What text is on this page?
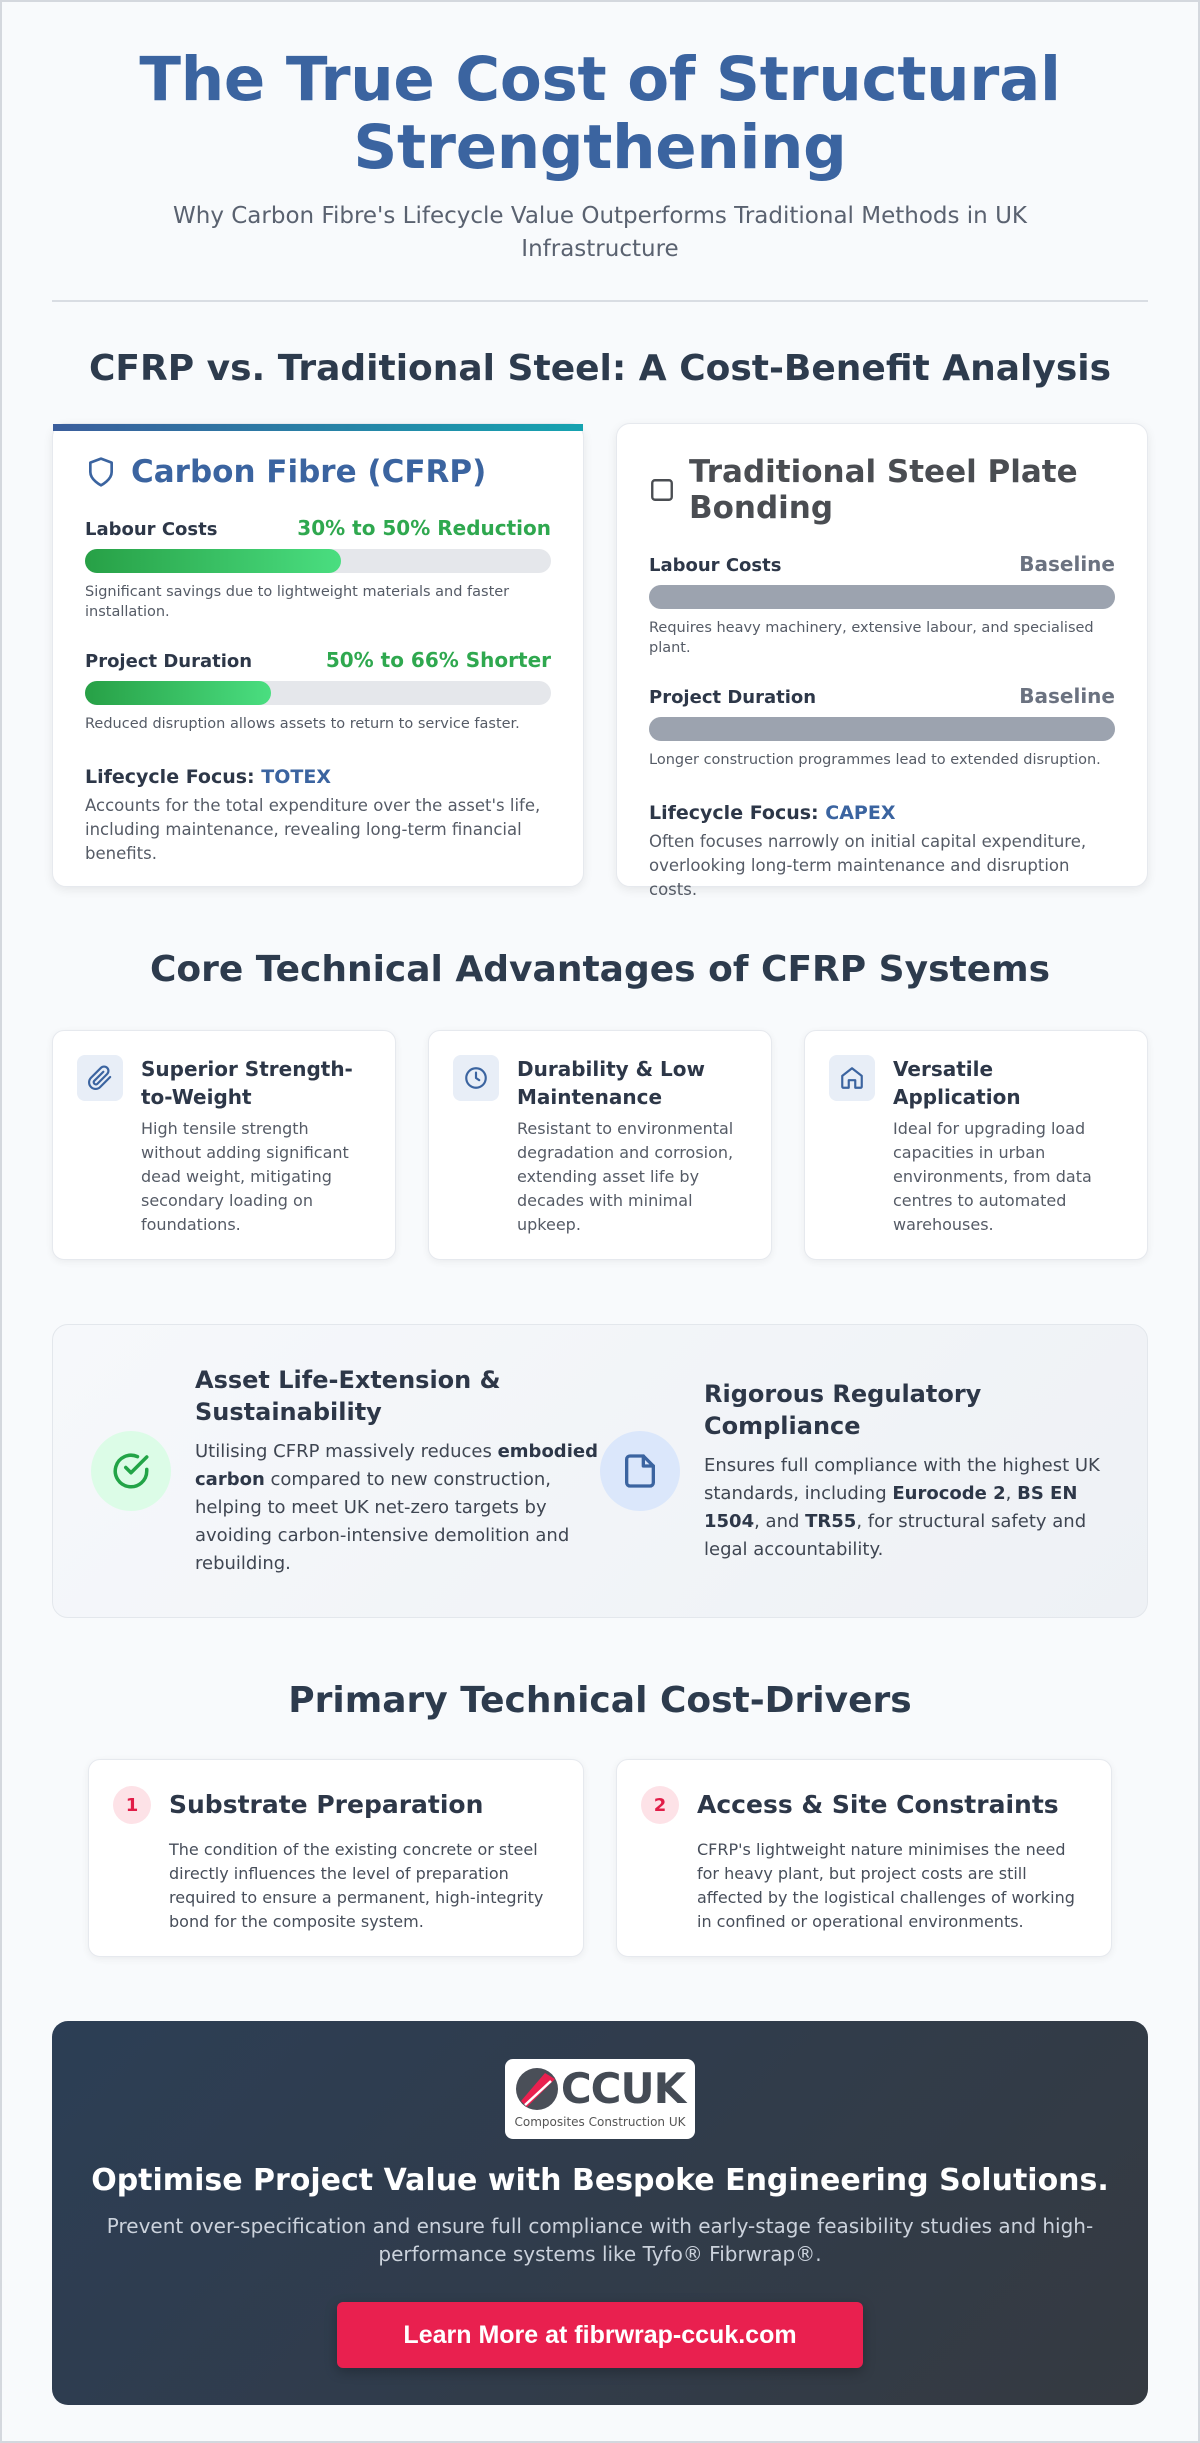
The True Cost of Structural Strengthening

Why Carbon Fibre's Lifecycle Value Outperforms Traditional Methods in UK Infrastructure

CFRP vs. Traditional Steel: A Cost-Benefit Analysis
Carbon Fibre (CFRP)
Labour Costs	30% to 50% Reduction

Significant savings due to lightweight materials and faster installation.

Project Duration	50% to 66% Shorter

Reduced disruption allows assets to return to service faster.

Lifecycle Focus: TOTEX

Accounts for the total expenditure over the asset's life, including maintenance, revealing long-term financial benefits.

Traditional Steel Plate Bonding
Labour Costs	Baseline

Requires heavy machinery, extensive labour, and specialised plant.

Project Duration	Baseline

Longer construction programmes lead to extended disruption.

Lifecycle Focus: CAPEX

Often focuses narrowly on initial capital expenditure, overlooking long-term maintenance and disruption costs.

Core Technical Advantages of CFRP Systems
Superior Strength-to-Weight

High tensile strength without adding significant dead weight, mitigating secondary loading on foundations.

Durability & Low Maintenance

Resistant to environmental degradation and corrosion, extending asset life by decades with minimal upkeep.

Versatile Application

Ideal for upgrading load capacities in urban environments, from data centres to automated warehouses.

Asset Life-Extension & Sustainability

Utilising CFRP massively reduces embodied carbon compared to new construction, helping to meet UK net-zero targets by avoiding carbon-intensive demolition and rebuilding.

Rigorous Regulatory Compliance

Ensures full compliance with the highest UK standards, including Eurocode 2, BS EN 1504, and TR55, for structural safety and legal accountability.

Primary Technical Cost-Drivers
1	Substrate Preparation

The condition of the existing concrete or steel directly influences the level of preparation required to ensure a permanent, high-integrity bond for the composite system.

2	Access & Site Constraints

CFRP's lightweight nature minimises the need for heavy plant, but project costs are still affected by the logistical challenges of working in confined or operational environments.

CCUK
Composites Construction UK
Optimise Project Value with Bespoke Engineering Solutions.

Prevent over-specification and ensure full compliance with early-stage feasibility studies and high-performance systems like Tyfo® Fibrwrap®.

Learn More at fibrwrap-ccuk.com
